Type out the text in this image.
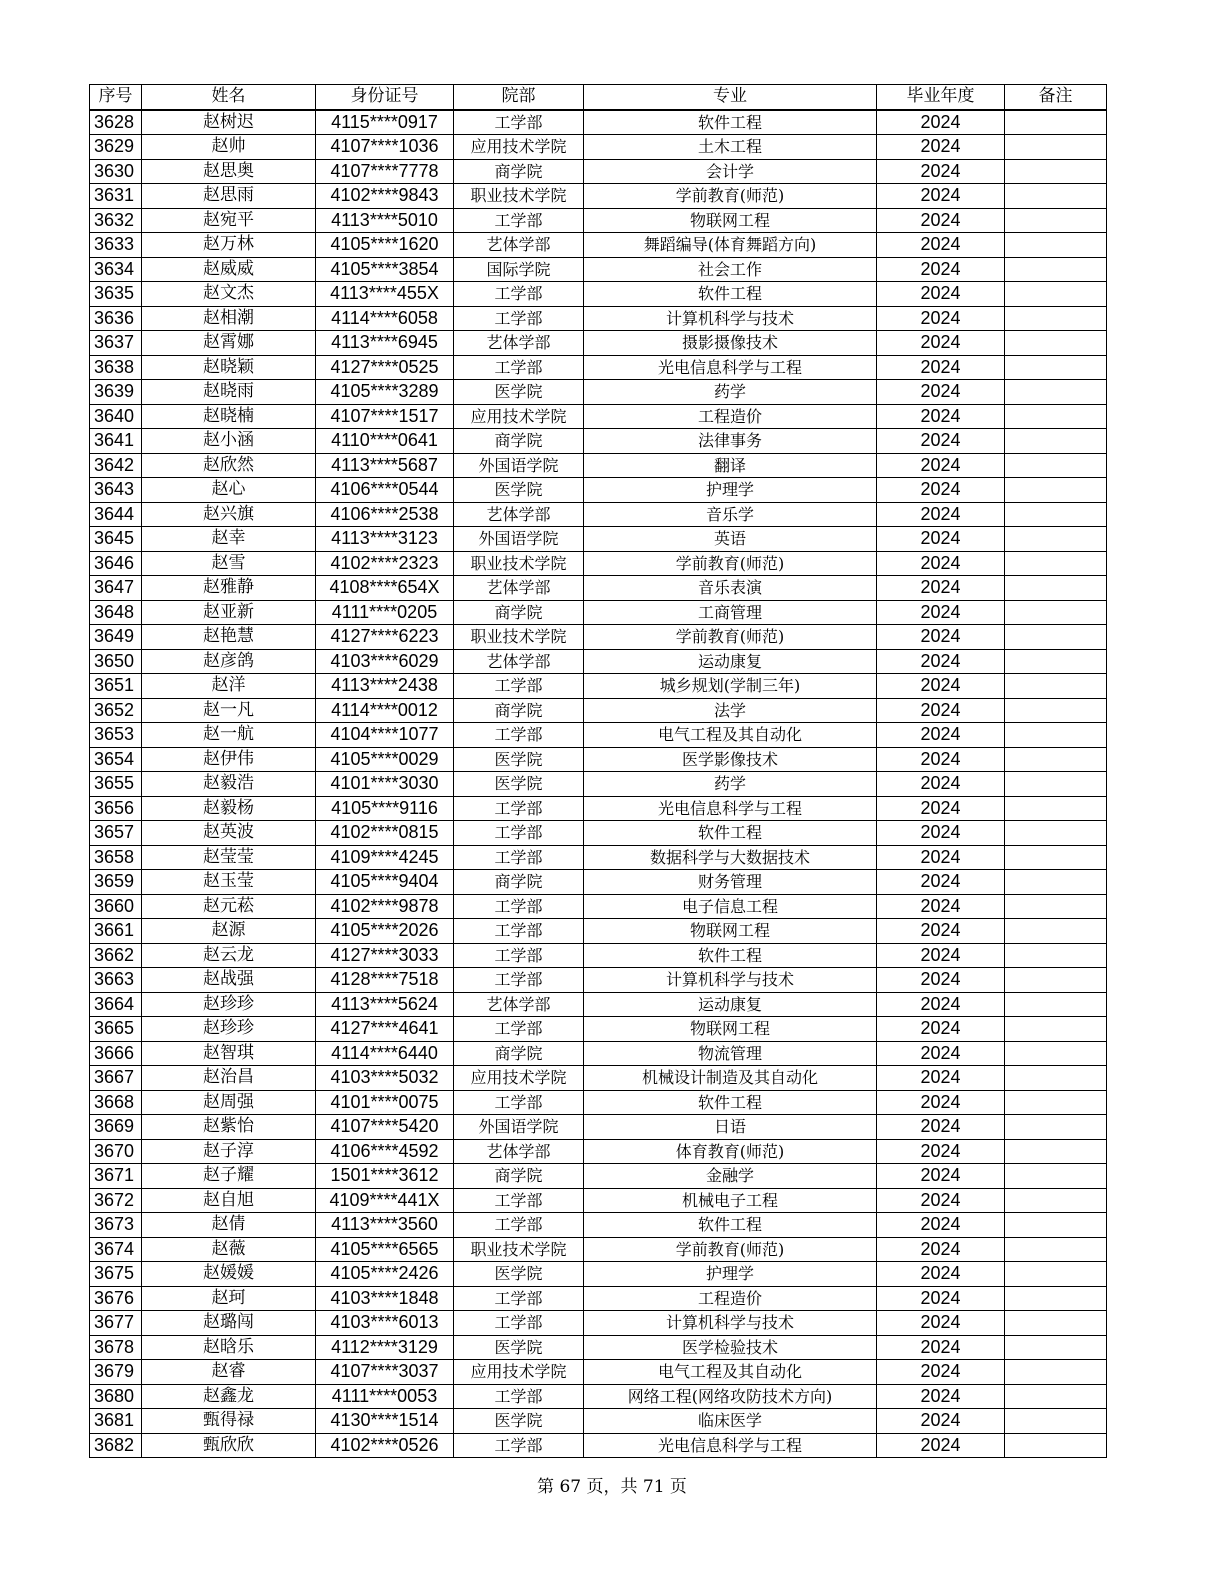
序号	姓名	身份证号	院部	专业	毕业年度	备注
3628	赵树迟	4115****0917	工学部	软件工程	2024	
3629	赵帅	4107****1036	应用技术学院	土木工程	2024	
3630	赵思奥	4107****7778	商学院	会计学	2024	
3631	赵思雨	4102****9843	职业技术学院	学前教育(师范)	2024	
3632	赵宛平	4113****5010	工学部	物联网工程	2024	
3633	赵万林	4105****1620	艺体学部	舞蹈编导(体育舞蹈方向)	2024	
3634	赵威威	4105****3854	国际学院	社会工作	2024	
3635	赵文杰	4113****455X	工学部	软件工程	2024	
3636	赵相潮	4114****6058	工学部	计算机科学与技术	2024	
3637	赵霄娜	4113****6945	艺体学部	摄影摄像技术	2024	
3638	赵晓颖	4127****0525	工学部	光电信息科学与工程	2024	
3639	赵晓雨	4105****3289	医学院	药学	2024	
3640	赵晓楠	4107****1517	应用技术学院	工程造价	2024	
3641	赵小涵	4110****0641	商学院	法律事务	2024	
3642	赵欣然	4113****5687	外国语学院	翻译	2024	
3643	赵心	4106****0544	医学院	护理学	2024	
3644	赵兴旗	4106****2538	艺体学部	音乐学	2024	
3645	赵幸	4113****3123	外国语学院	英语	2024	
3646	赵雪	4102****2323	职业技术学院	学前教育(师范)	2024	
3647	赵雅静	4108****654X	艺体学部	音乐表演	2024	
3648	赵亚新	4111****0205	商学院	工商管理	2024	
3649	赵艳慧	4127****6223	职业技术学院	学前教育(师范)	2024	
3650	赵彦鸽	4103****6029	艺体学部	运动康复	2024	
3651	赵洋	4113****2438	工学部	城乡规划(学制三年)	2024	
3652	赵一凡	4114****0012	商学院	法学	2024	
3653	赵一航	4104****1077	工学部	电气工程及其自动化	2024	
3654	赵伊伟	4105****0029	医学院	医学影像技术	2024	
3655	赵毅浩	4101****3030	医学院	药学	2024	
3656	赵毅杨	4105****9116	工学部	光电信息科学与工程	2024	
3657	赵英波	4102****0815	工学部	软件工程	2024	
3658	赵莹莹	4109****4245	工学部	数据科学与大数据技术	2024	
3659	赵玉莹	4105****9404	商学院	财务管理	2024	
3660	赵元菘	4102****9878	工学部	电子信息工程	2024	
3661	赵源	4105****2026	工学部	物联网工程	2024	
3662	赵云龙	4127****3033	工学部	软件工程	2024	
3663	赵战强	4128****7518	工学部	计算机科学与技术	2024	
3664	赵珍珍	4113****5624	艺体学部	运动康复	2024	
3665	赵珍珍	4127****4641	工学部	物联网工程	2024	
3666	赵智琪	4114****6440	商学院	物流管理	2024	
3667	赵治昌	4103****5032	应用技术学院	机械设计制造及其自动化	2024	
3668	赵周强	4101****0075	工学部	软件工程	2024	
3669	赵紫怡	4107****5420	外国语学院	日语	2024	
3670	赵子淳	4106****4592	艺体学部	体育教育(师范)	2024	
3671	赵子耀	1501****3612	商学院	金融学	2024	
3672	赵自旭	4109****441X	工学部	机械电子工程	2024	
3673	赵倩	4113****3560	工学部	软件工程	2024	
3674	赵薇	4105****6565	职业技术学院	学前教育(师范)	2024	
3675	赵媛媛	4105****2426	医学院	护理学	2024	
3676	赵珂	4103****1848	工学部	工程造价	2024	
3677	赵璐闯	4103****6013	工学部	计算机科学与技术	2024	
3678	赵晗乐	4112****3129	医学院	医学检验技术	2024	
3679	赵睿	4107****3037	应用技术学院	电气工程及其自动化	2024	
3680	赵鑫龙	4111****0053	工学部	网络工程(网络攻防技术方向)	2024	
3681	甄得禄	4130****1514	医学院	临床医学	2024	
3682	甄欣欣	4102****0526	工学部	光电信息科学与工程	2024	
第 67 页，共 71 页
